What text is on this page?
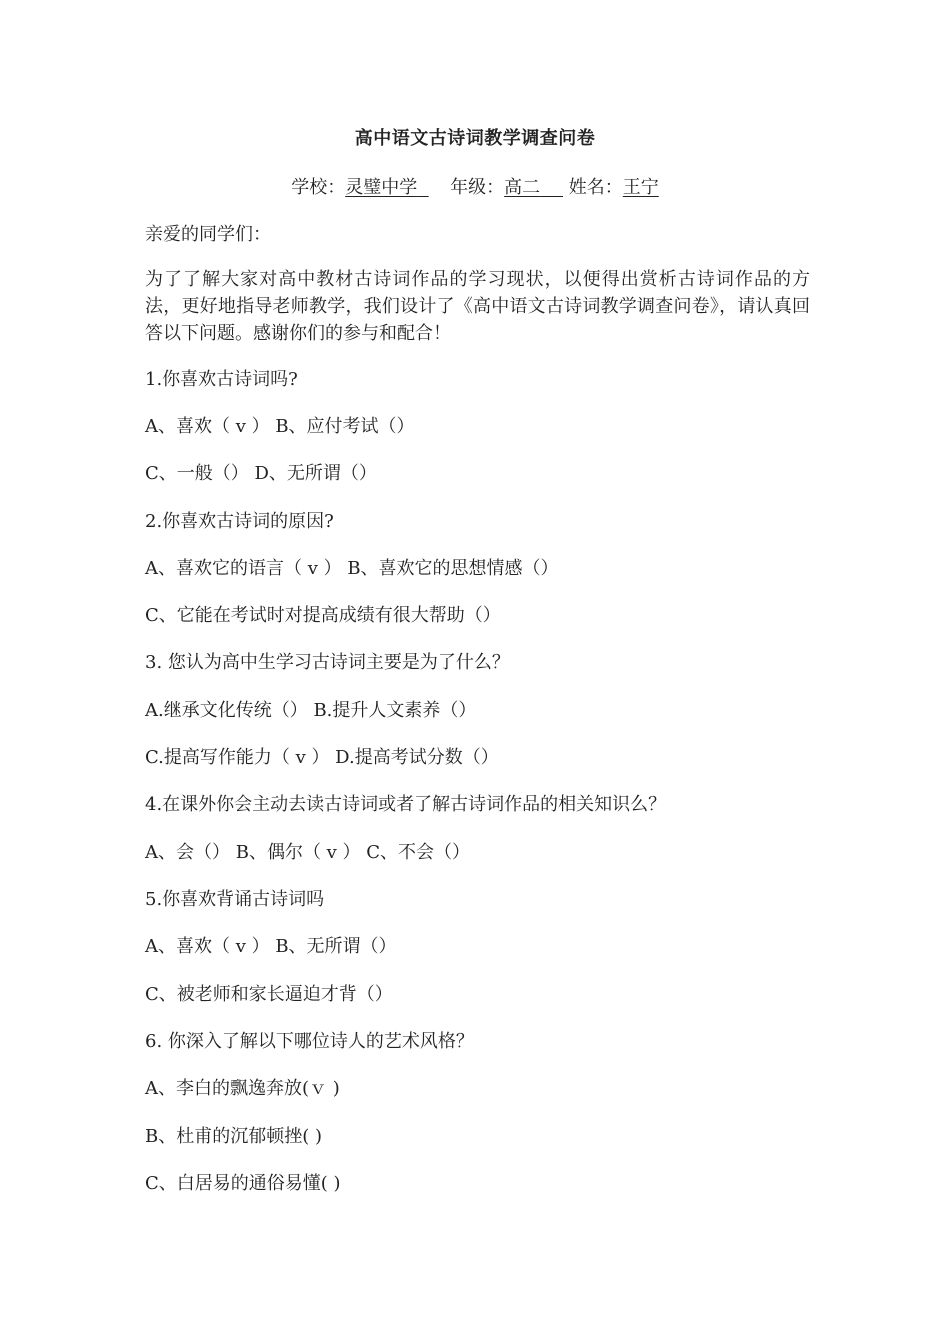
高中语文古诗词教学调查问卷
学校：灵璧中学 年级：高二 姓名：王宁
亲爱的同学们：
为了了解大家对高中教材古诗词作品的学习现状，以便得出赏析古诗词作品的方法，更好地指导老师教学，我们设计了《高中语文古诗词教学调查问卷》，请认真回答以下问题。感谢你们的参与和配合！
1.你喜欢古诗词吗?
A、喜欢（ v ） B、应付考试（）
C、一般（） D、无所谓（）
2.你喜欢古诗词的原因?
A、喜欢它的语言（ v ） B、喜欢它的思想情感（）
C、它能在考试时对提高成绩有很大帮助（）
3. 您认为高中生学习古诗词主要是为了什么？
A.继承文化传统（） B.提升人文素养（）
C.提高写作能力（ v ） D.提高考试分数（）
4.在课外你会主动去读古诗词或者了解古诗词作品的相关知识么？
A、会（） B、偶尔（ v ） C、不会（）
5.你喜欢背诵古诗词吗
A、喜欢（ v ） B、无所谓（）
C、被老师和家长逼迫才背（）
6. 你深入了解以下哪位诗人的艺术风格？
A、李白的飘逸奔放(ｖ )
B、杜甫的沉郁顿挫( )
C、白居易的通俗易懂( )
